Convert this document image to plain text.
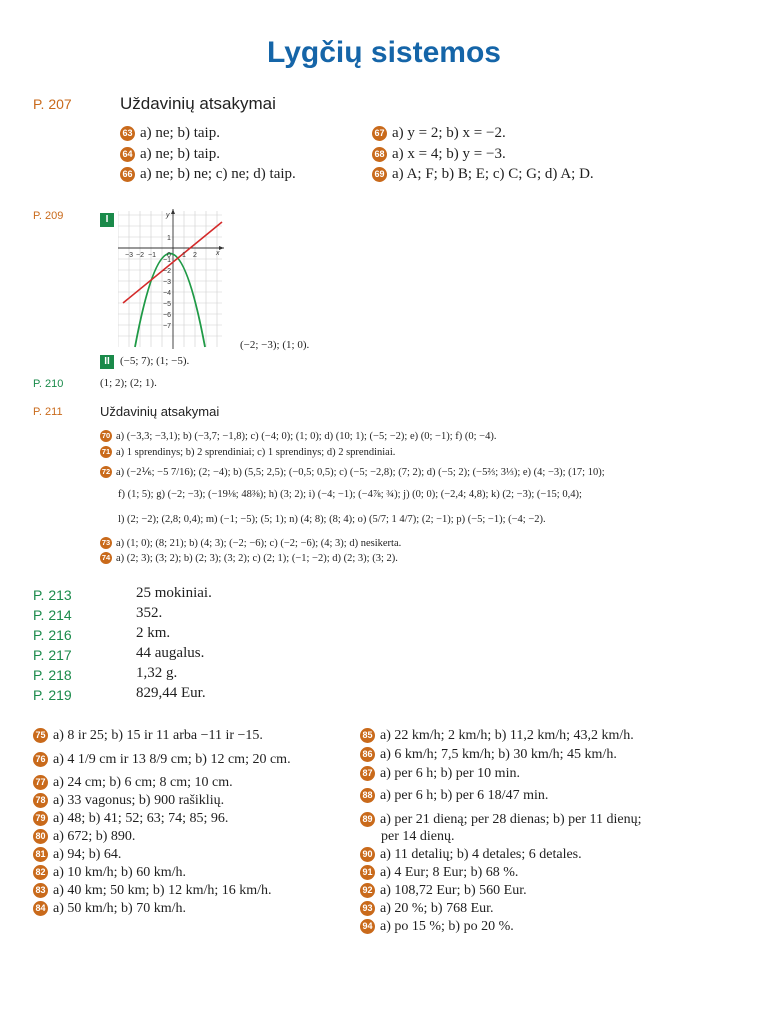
Lygčių sistemos
P. 207	Uždavinių atsakymai
63 a) ne; b) taip.
64 a) ne; b) taip.
66 a) ne; b) ne; c) ne; d) taip.
67 a) y = 2; b) x = −2.
68 a) x = 4; b) y = −3.
69 a) A; F; b) B; E; c) C; G; d) A; D.
P. 209	I
−3 −2 −1 0 1 2	x
y
1
−1
−2
−3
−4
−5
−6
−7
(−2; −3); (1; 0).
II (−5; 7); (1; −5).
P. 210	(1; 2); (2; 1).
P. 211	Uždavinių atsakymai
70 a) (−3,3; −3,1); b) (−3,7; −1,8); c) (−4; 0); (1; 0); d) (10; 1); (−5; −2); e) (0; −1); f) (0; −4).
71 a) 1 sprendinys; b) 2 sprendiniai; c) 1 sprendinys; d) 2 sprendiniai.
72 a) (−2⅙; −5 7/16); (2; −4); b) (5,5; 2,5); (−0,5; 0,5); c) (−5; −2,8); (7; 2); d) (−5; 2); (−5⅔; 3⅓); e) (4; −3); (17; 10);
f) (1; 5); g) (−2; −3); (−19⅛; 48⅜); h) (3; 2); i) (−4; −1); (−4⅞; ¾); j) (0; 0); (−2,4; 4,8); k) (2; −3); (−15; 0,4);
l) (2; −2); (2,8; 0,4); m) (−1; −5); (5; 1); n) (4; 8); (8; 4); o) (5/7; 1 4/7); (2; −1); p) (−5; −1); (−4; −2).
73 a) (1; 0); (8; 21); b) (4; 3); (−2; −6); c) (−2; −6); (4; 3); d) nesikerta.
74 a) (2; 3); (3; 2); b) (2; 3); (3; 2); c) (2; 1); (−1; −2); d) (2; 3); (3; 2).
P. 213	25 mokiniai.
P. 214	352.
P. 216	2 km.
P. 217	44 augalus.
P. 218	1,32 g.
P. 219	829,44 Eur.
75 a) 8 ir 25; b) 15 ir 11 arba −11 ir −15.
76 a) 4 1/9 cm ir 13 8/9 cm; b) 12 cm; 20 cm.
77 a) 24 cm; b) 6 cm; 8 cm; 10 cm.
78 a) 33 vagonus; b) 900 rašiklių.
79 a) 48; b) 41; 52; 63; 74; 85; 96.
80 a) 672; b) 890.
81 a) 94; b) 64.
82 a) 10 km/h; b) 60 km/h.
83 a) 40 km; 50 km; b) 12 km/h; 16 km/h.
84 a) 50 km/h; b) 70 km/h.
85 a) 22 km/h; 2 km/h; b) 11,2 km/h; 43,2 km/h.
86 a) 6 km/h; 7,5 km/h; b) 30 km/h; 45 km/h.
87 a) per 6 h; b) per 10 min.
88 a) per 6 h; b) per 6 18/47 min.
89 a) per 21 dieną; per 28 dienas; b) per 11 dienų;
per 14 dienų.
90 a) 11 detalių; b) 4 detales; 6 detales.
91 a) 4 Eur; 8 Eur; b) 68 %.
92 a) 108,72 Eur; b) 560 Eur.
93 a) 20 %; b) 768 Eur.
94 a) po 15 %; b) po 20 %.
